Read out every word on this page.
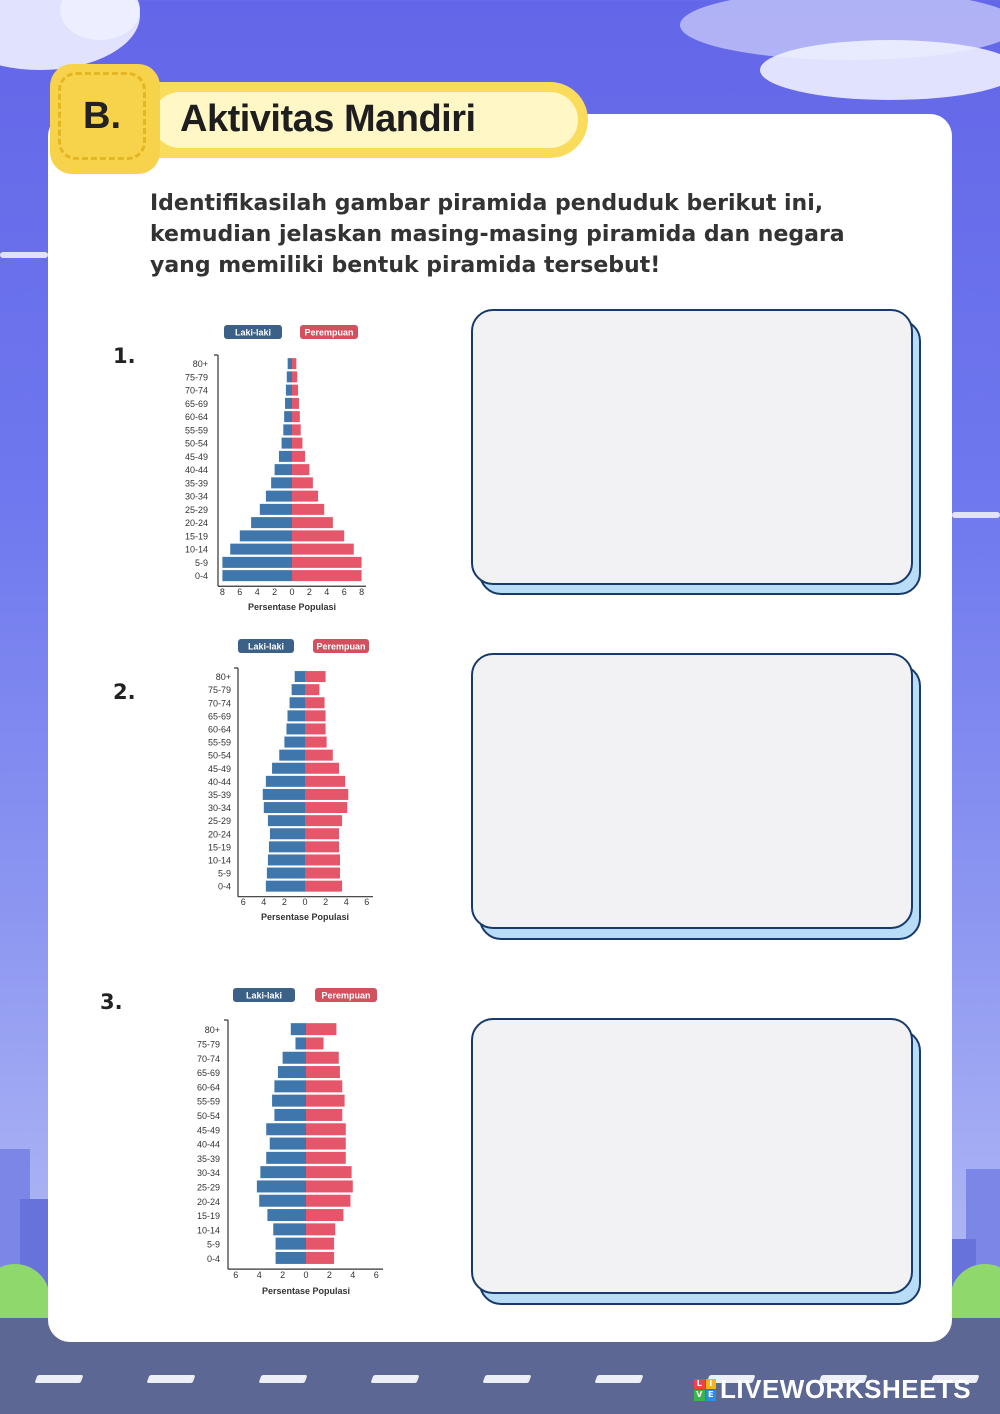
B.	Aktivitas Mandiri
Identifikasilah gambar piramida penduduk berikut ini, kemudian jelaskan masing-masing piramida dan negara yang memiliki bentuk piramida tersebut!
1.
2.
3.
Laki-laki	Perempuan
80+
75-79
70-74
65-69
60-64
55-59
50-54
45-49
40-44
35-39
30-34
25-29
20-24
15-19
10-14
5-9
0-4
8 6 4 2 0 2 4 6 8
Persentase Populasi
Laki-laki	Perempuan
80+
75-79
70-74
65-69
60-64
55-59
50-54
45-49
40-44
35-39
30-34
25-29
20-24
15-19
10-14
5-9
0-4
6 4 2 0 2 4 6
Persentase Populasi
Laki-laki	Perempuan
80+
75-79
70-74
65-69
60-64
55-59
50-54
45-49
40-44
35-39
30-34
25-29
20-24
15-19
10-14
5-9
0-4
6 4 2 0 2 4 6
Persentase Populasi
L I
V E LIVEWORKSHEETS
